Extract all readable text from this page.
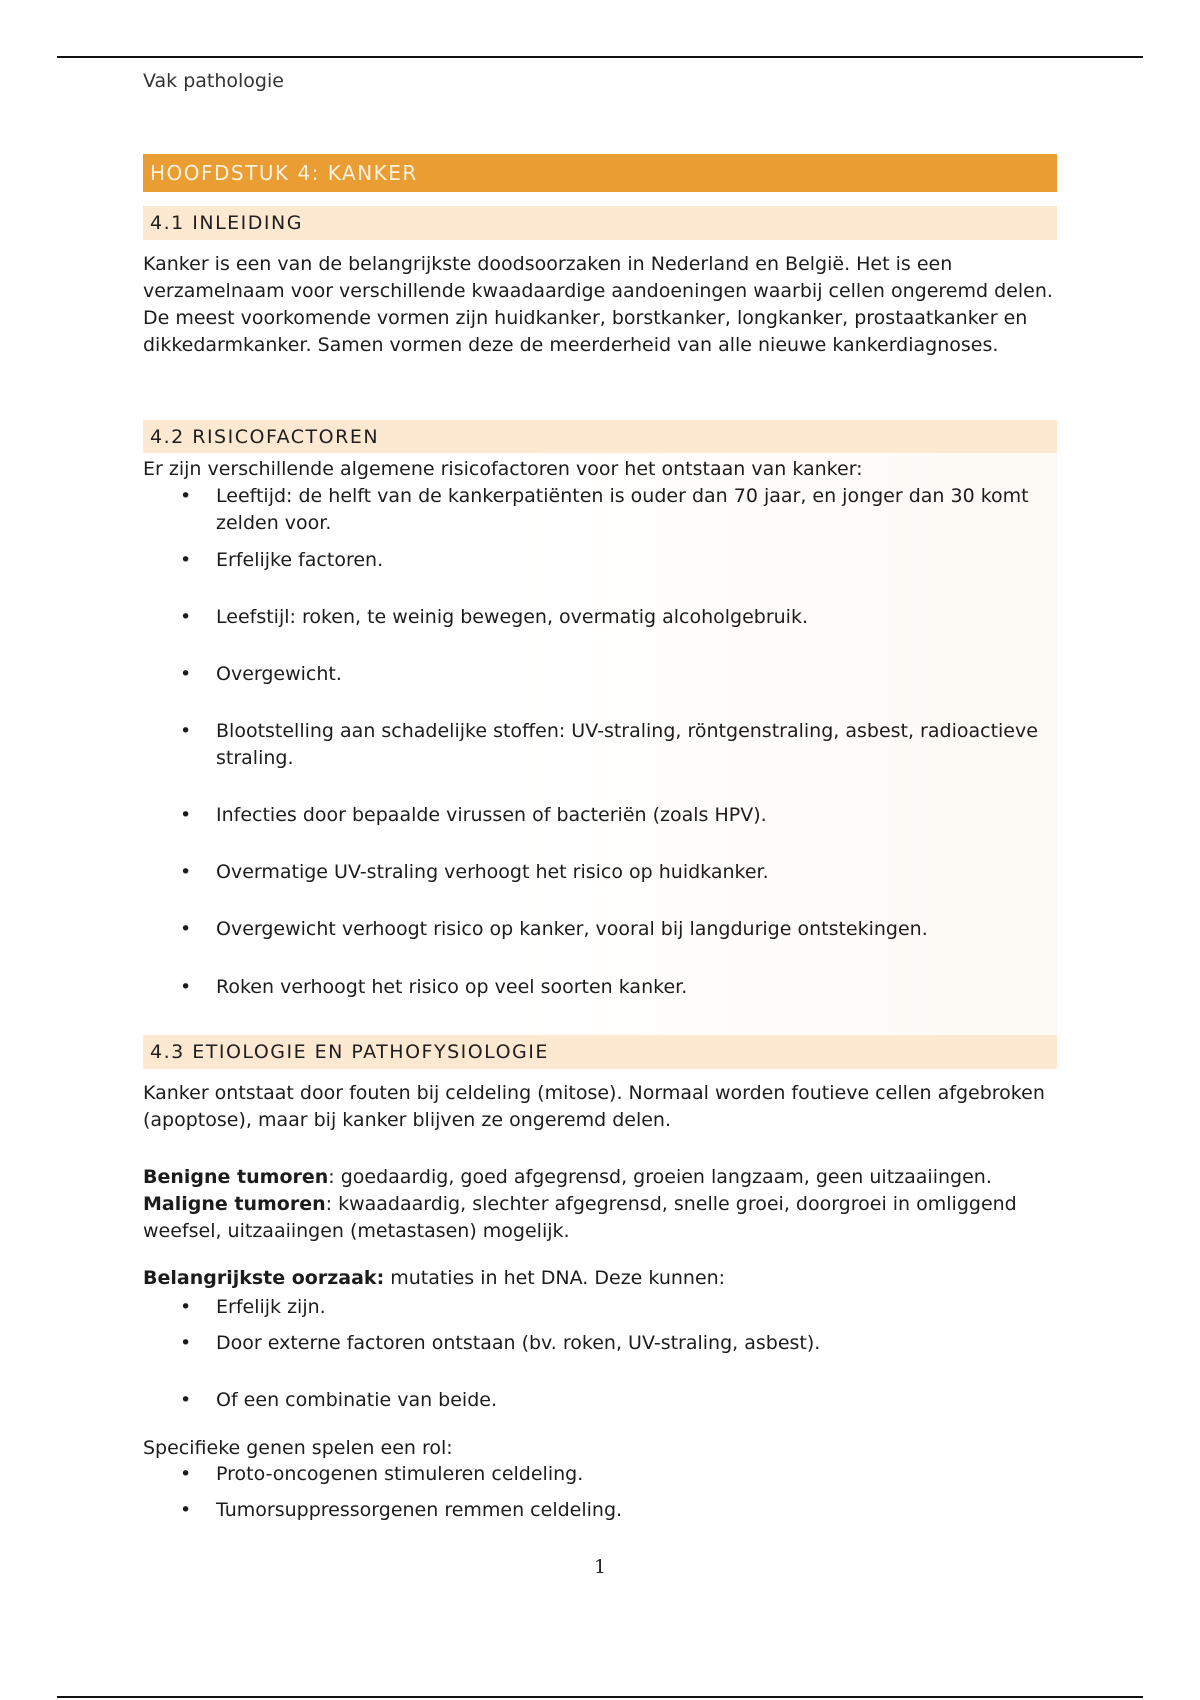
Vak pathologie
HOOFDSTUK 4: KANKER
4.1 INLEIDING

Kanker is een van de belangrijkste doodsoorzaken in Nederland en België. Het is een verzamelnaam voor verschillende kwaadaardige aandoeningen waarbij cellen ongeremd delen. De meest voorkomende vormen zijn huidkanker, borstkanker, longkanker, prostaatkanker en dikkedarmkanker. Samen vormen deze de meerderheid van alle nieuwe kankerdiagnoses.

4.2 RISICOFACTOREN

Er zijn verschillende algemene risicofactoren voor het ontstaan van kanker:

• Leeftijd: de helft van de kankerpatiënten is ouder dan 70 jaar, en jonger dan 30 komt zelden voor.
• Erfelijke factoren.
• Leefstijl: roken, te weinig bewegen, overmatig alcoholgebruik.
• Overgewicht.
• Blootstelling aan schadelijke stoffen: UV-straling, röntgenstraling, asbest, radioactieve straling.
• Infecties door bepaalde virussen of bacteriën (zoals HPV).
• Overmatige UV-straling verhoogt het risico op huidkanker.
• Overgewicht verhoogt risico op kanker, vooral bij langdurige ontstekingen.
• Roken verhoogt het risico op veel soorten kanker.
4.3 ETIOLOGIE EN PATHOFYSIOLOGIE

Kanker ontstaat door fouten bij celdeling (mitose). Normaal worden foutieve cellen afgebroken (apoptose), maar bij kanker blijven ze ongeremd delen.

Benigne tumoren: goedaardig, goed afgegrensd, groeien langzaam, geen uitzaaiingen.
Maligne tumoren: kwaadaardig, slechter afgegrensd, snelle groei, doorgroei in omliggend weefsel, uitzaaiingen (metastasen) mogelijk.

Belangrijkste oorzaak: mutaties in het DNA. Deze kunnen:

• Erfelijk zijn.
• Door externe factoren ontstaan (bv. roken, UV-straling, asbest).
• Of een combinatie van beide.

Specifieke genen spelen een rol:

• Proto-oncogenen stimuleren celdeling.
• Tumorsuppressorgenen remmen celdeling.
1
